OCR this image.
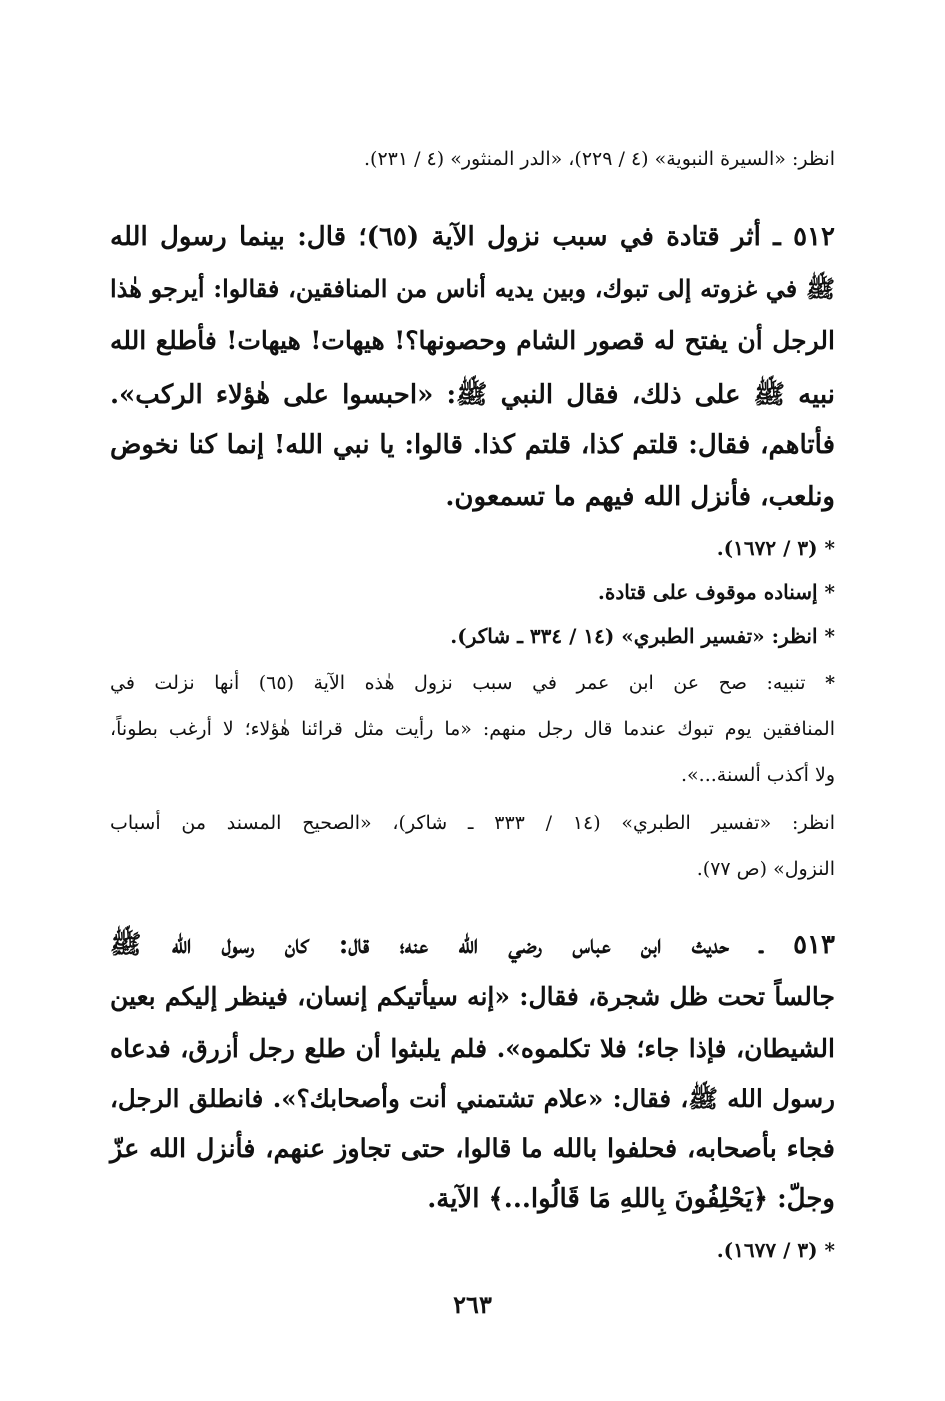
انظر: «السيرة النبوية» (٤ / ٢٢٩)، «الدر المنثور» (٤ / ٢٣١).
٥١٢ ـ أثر قتادة في سبب نزول الآية (٦٥)؛ قال: بينما رسول الله
ﷺ في غزوته إلى تبوك، وبين يديه أناس من المنافقين، فقالوا: أيرجو هٰذا
الرجل أن يفتح له قصور الشام وحصونها؟! هيهات! هيهات! فأطلع الله
نبيه ﷺ على ذلك، فقال النبي ﷺ: «احبسوا على هٰؤلاء الركب».
فأتاهم، فقال: قلتم كذا، قلتم كذا. قالوا: يا نبي الله! إنما كنا نخوض
ونلعب، فأنزل الله فيهم ما تسمعون.
* (٣ / ١٦٧٢).
* إسناده موقوف على قتادة.
* انظر: «تفسير الطبري» (١٤ / ٣٣٤ ـ شاكر).
* تنبيه: صح عن ابن عمر في سبب نزول هٰذه الآية (٦٥) أنها نزلت في
المنافقين يوم تبوك عندما قال رجل منهم: «ما رأيت مثل قرائنا هٰؤلاء؛ لا أرغب بطوناً،
ولا أكذب ألسنة...».
انظر: «تفسير الطبري» (١٤ / ٣٣٣ ـ شاكر)، «الصحيح المسند من أسباب
النزول» (ص ٧٧).
٥١٣ ـ حديث ابن عباس رضي الله عنه؛ قال: كان رسول الله ﷺ
جالساً تحت ظل شجرة، فقال: «إنه سيأتيكم إنسان، فينظر إليكم بعين
الشيطان، فإذا جاء؛ فلا تكلموه». فلم يلبثوا أن طلع رجل أزرق، فدعاه
رسول الله ﷺ، فقال: «علام تشتمني أنت وأصحابك؟». فانطلق الرجل،
فجاء بأصحابه، فحلفوا بالله ما قالوا، حتى تجاوز عنهم، فأنزل الله عزّ
وجلّ: ﴿يَحْلِفُونَ بِاللهِ مَا قَالُوا...﴾ الآية.
* (٣ / ١٦٧٧).
٢٦٣
